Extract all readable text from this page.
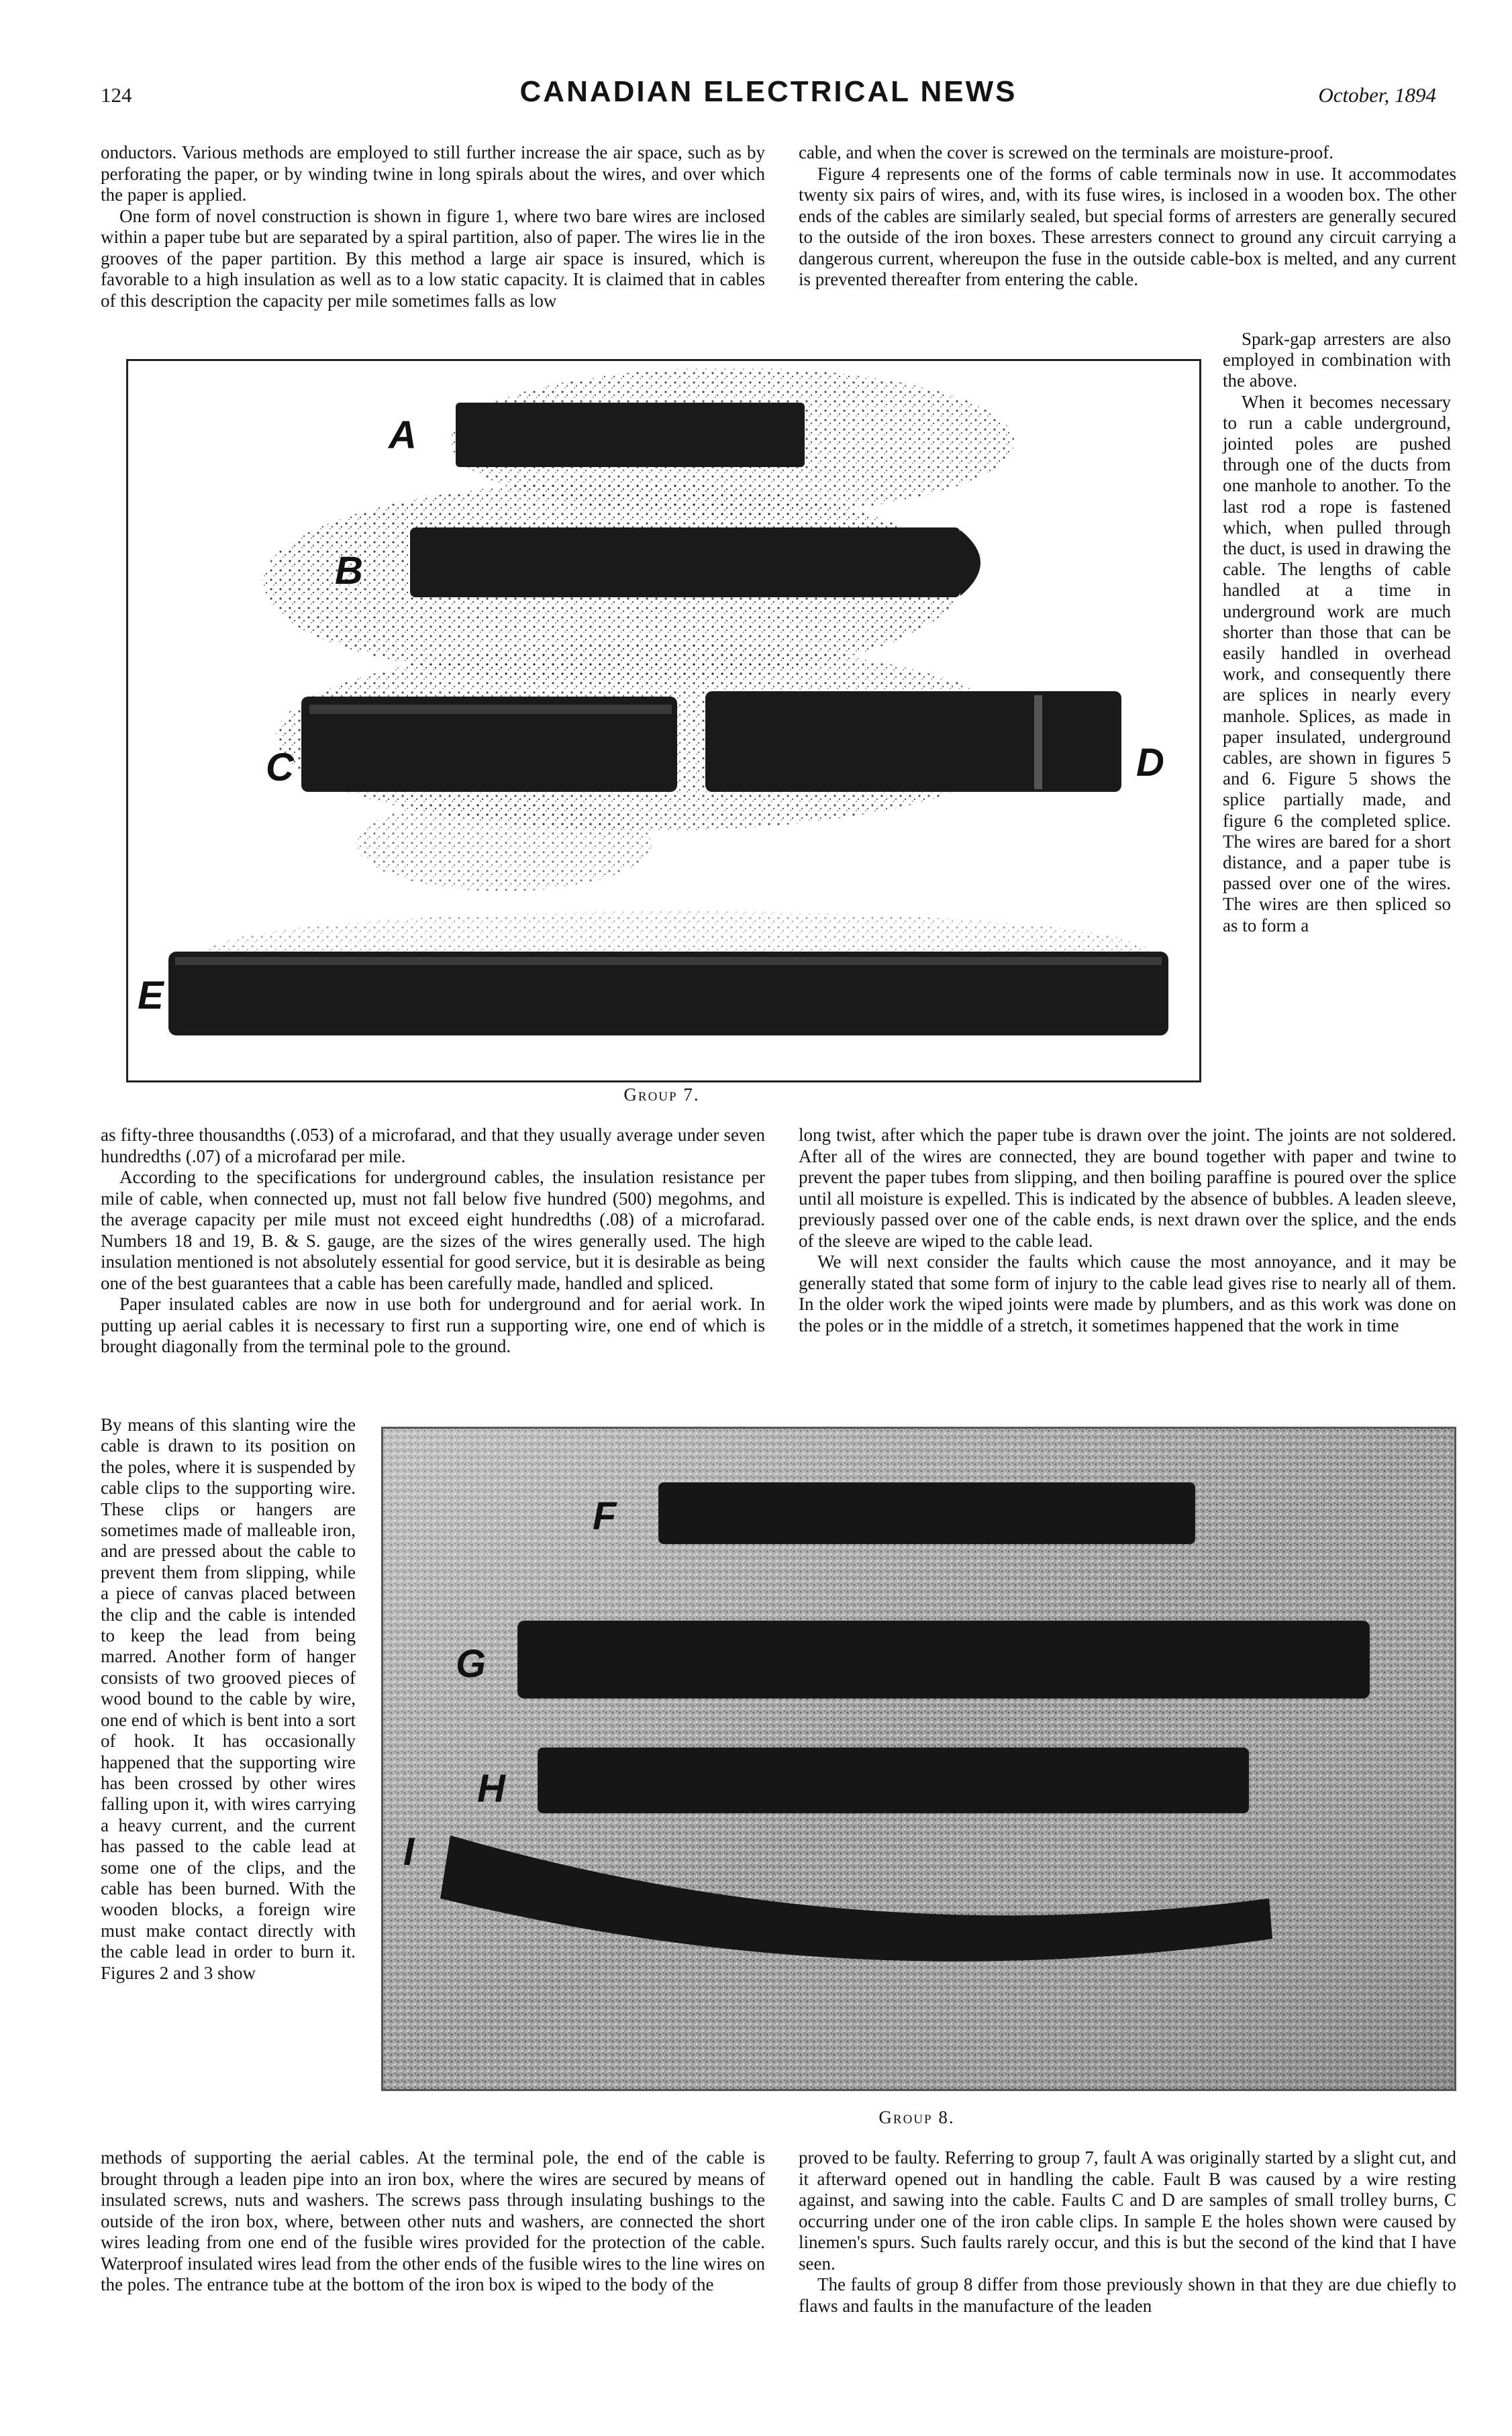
124	CANADIAN ELECTRICAL NEWS	October, 1894

onductors. Various methods are employed to still further increase the air space, such as by perforating the paper, or by winding twine in long spirals about the wires, and over which the paper is applied.

One form of novel construction is shown in figure 1, where two bare wires are inclosed within a paper tube but are separated by a spiral partition, also of paper. The wires lie in the grooves of the paper partition. By this method a large air space is insured, which is favorable to a high insulation as well as to a low static capacity. It is claimed that in cables of this description the capacity per mile sometimes falls as low

cable, and when the cover is screwed on the terminals are moisture-proof.

Figure 4 represents one of the forms of cable terminals now in use. It accommodates twenty six pairs of wires, and, with its fuse wires, is inclosed in a wooden box. The other ends of the cables are similarly sealed, but special forms of arresters are generally secured to the outside of the iron boxes. These arresters connect to ground any circuit carrying a dangerous current, whereupon the fuse in the outside cable-box is melted, and any current is prevented thereafter from entering the cable.

A
B
C	D
E

Spark-gap arresters are also employed in combination with the above.

When it becomes necessary to run a cable underground, jointed poles are pushed through one of the ducts from one manhole to another. To the last rod a rope is fastened which, when pulled through the duct, is used in drawing the cable. The lengths of cable handled at a time in underground work are much shorter than those that can be easily handled in overhead work, and consequently there are splices in nearly every manhole. Splices, as made in paper insulated, underground cables, are shown in figures 5 and 6. Figure 5 shows the splice partially made, and figure 6 the completed splice. The wires are bared for a short distance, and a paper tube is passed over one of the wires. The wires are then spliced so as to form a

Group 7.

as fifty-three thousandths (.053) of a microfarad, and that they usually average under seven hundredths (.07) of a microfarad per mile.

According to the specifications for underground cables, the insulation resistance per mile of cable, when connected up, must not fall below five hundred (500) megohms, and the average capacity per mile must not exceed eight hundredths (.08) of a microfarad. Numbers 18 and 19, B. & S. gauge, are the sizes of the wires generally used. The high insulation mentioned is not absolutely essential for good service, but it is desirable as being one of the best guarantees that a cable has been carefully made, handled and spliced.

Paper insulated cables are now in use both for underground and for aerial work. In putting up aerial cables it is necessary to first run a supporting wire, one end of which is brought diagonally from the terminal pole to the ground.

long twist, after which the paper tube is drawn over the joint. The joints are not soldered. After all of the wires are connected, they are bound together with paper and twine to prevent the paper tubes from slipping, and then boiling paraffine is poured over the splice until all moisture is expelled. This is indicated by the absence of bubbles. A leaden sleeve, previously passed over one of the cable ends, is next drawn over the splice, and the ends of the sleeve are wiped to the cable lead.

We will next consider the faults which cause the most annoyance, and it may be generally stated that some form of injury to the cable lead gives rise to nearly all of them. In the older work the wiped joints were made by plumbers, and as this work was done on the poles or in the middle of a stretch, it sometimes happened that the work in time

By means of this slanting wire the cable is drawn to its position on the poles, where it is suspended by cable clips to the supporting wire. These clips or hangers are sometimes made of malleable iron, and are pressed about the cable to prevent them from slipping, while a piece of canvas placed between the clip and the cable is intended to keep the lead from being marred. Another form of hanger consists of two grooved pieces of wood bound to the cable by wire, one end of which is bent into a sort of hook. It has occasionally happened that the supporting wire has been crossed by other wires falling upon it, with wires carrying a heavy current, and the current has passed to the cable lead at some one of the clips, and the cable has been burned. With the wooden blocks, a foreign wire must make contact directly with the cable lead in order to burn it. Figures 2 and 3 show

F
G
H
I
Group 8.

methods of supporting the aerial cables. At the terminal pole, the end of the cable is brought through a leaden pipe into an iron box, where the wires are secured by means of insulated screws, nuts and washers. The screws pass through insulating bushings to the outside of the iron box, where, between other nuts and washers, are connected the short wires leading from one end of the fusible wires provided for the protection of the cable. Waterproof insulated wires lead from the other ends of the fusible wires to the line wires on the poles. The entrance tube at the bottom of the iron box is wiped to the body of the

proved to be faulty. Referring to group 7, fault A was originally started by a slight cut, and it afterward opened out in handling the cable. Fault B was caused by a wire resting against, and sawing into the cable. Faults C and D are samples of small trolley burns, C occurring under one of the iron cable clips. In sample E the holes shown were caused by linemen's spurs. Such faults rarely occur, and this is but the second of the kind that I have seen.

The faults of group 8 differ from those previously shown in that they are due chiefly to flaws and faults in the manufacture of the leaden
